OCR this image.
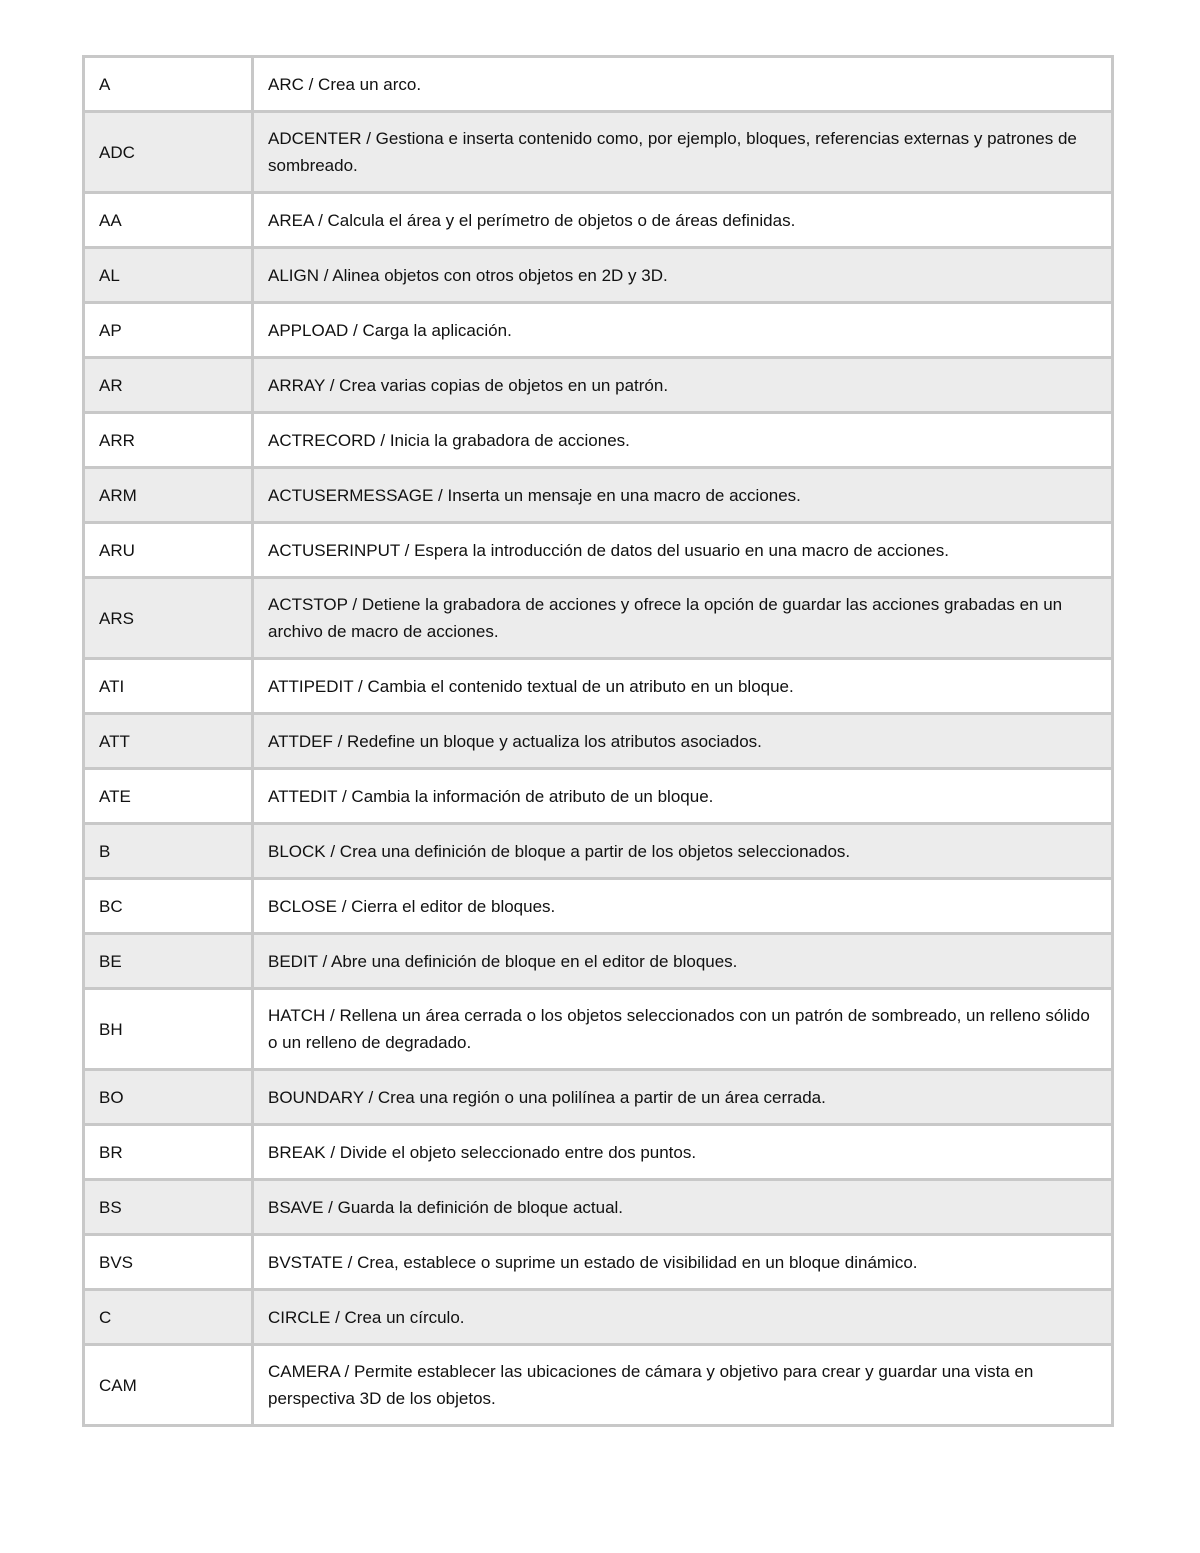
A	ARC / Crea un arco.
ADC	ADCENTER / Gestiona e inserta contenido como, por ejemplo, bloques, referencias externas y patrones de sombreado.
AA	AREA / Calcula el área y el perímetro de objetos o de áreas definidas.
AL	ALIGN / Alinea objetos con otros objetos en 2D y 3D.
AP	APPLOAD / Carga la aplicación.
AR	ARRAY / Crea varias copias de objetos en un patrón.
ARR	ACTRECORD / Inicia la grabadora de acciones.
ARM	ACTUSERMESSAGE / Inserta un mensaje en una macro de acciones.
ARU	ACTUSERINPUT / Espera la introducción de datos del usuario en una macro de acciones.
ARS	ACTSTOP / Detiene la grabadora de acciones y ofrece la opción de guardar las acciones grabadas en un archivo de macro de acciones.
ATI	ATTIPEDIT / Cambia el contenido textual de un atributo en un bloque.
ATT	ATTDEF / Redefine un bloque y actualiza los atributos asociados.
ATE	ATTEDIT / Cambia la información de atributo de un bloque.
B	BLOCK / Crea una definición de bloque a partir de los objetos seleccionados.
BC	BCLOSE / Cierra el editor de bloques.
BE	BEDIT / Abre una definición de bloque en el editor de bloques.
BH	HATCH / Rellena un área cerrada o los objetos seleccionados con un patrón de sombreado, un relleno sólido o un relleno de degradado.
BO	BOUNDARY / Crea una región o una polilínea a partir de un área cerrada.
BR	BREAK / Divide el objeto seleccionado entre dos puntos.
BS	BSAVE / Guarda la definición de bloque actual.
BVS	BVSTATE / Crea, establece o suprime un estado de visibilidad en un bloque dinámico.
C	CIRCLE / Crea un círculo.
CAM	CAMERA / Permite establecer las ubicaciones de cámara y objetivo para crear y guardar una vista en perspectiva 3D de los objetos.
